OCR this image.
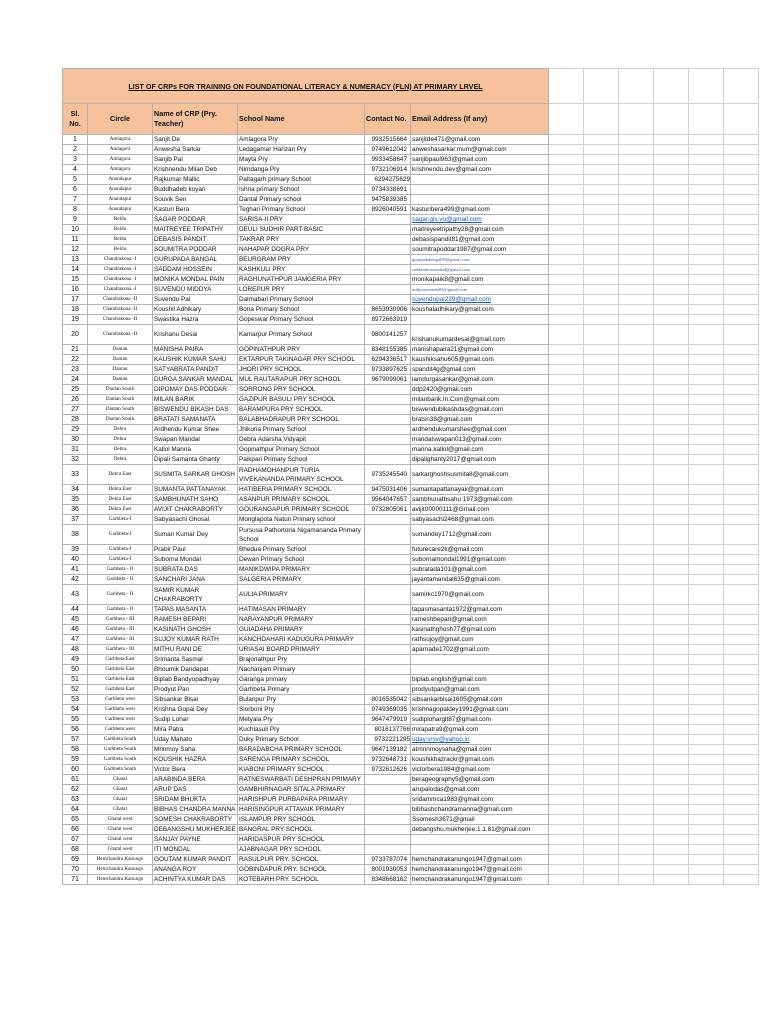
LIST OF CRPs FOR TRAINING ON FOUNDATIONAL LITERACY & NUMERACY (FLN) AT PRIMARY LRVEL											
Sl. No.	Circle	Name of CRP (Pry. Teacher)	School Name	Contact No.	Email Address (If any)						
1	Amlagora	Sanjit De	Amlagora Pry	9932515664	sanjitde471@gmail.com						
2	Amlagora	Anwesha Sarkar	Ledagamar Harizan Pry	9749612042	anweshasarkar.mum@gmail.com						
3	Amlagora	Sanjib Pal	Mayta Pry	9933458647	sanjibpaul963@gmail.com						
4	Amlagora	Krishnendu Milan Deb	Nimdanga Pry	9732106914	krishnendu.dev@gmail.com						
5	Anandapur	Rajkumar Mallic	Paltagarh primary School	6294275629							
6	Anandapur	Buddhadeb koyari	Ishna primary School	9734338691							
7	Anandapur	Souvik Sen	Dantal Primary school	9475839385							
8	Anandapur	Kasturi Bera	Teghari Primary School	8926040591	kasturibera499@gmail.com						
9	Beldu	SAGAR PODDAR	SARISA-II PRY		sagar.gis.vu@gmail.com						
10	Beldu	MAITREYEE TRIPATHY	DEULI SUDHIR PART BASIC		maitreyeetripathy28@gmail.com						
11	Beldu	DEBASIS PANDIT	TAKRAR PRY		debasispandit81@gmail.com						
12	Beldu	SOUMITRA PODDAR	NAHAPAR DOGRA PRY		soumitrapoddar1987@gmail.com						
13	Chandrakona -I	GURUPADA BANGAL	BEURGRAM PRY		gurupadabengal99@gmail.com						
14	Chandrakona -I	SADDAM HOSSEIN	KASHKULI PRY		saddamhossaindsd@gmail.com						
15	Chandrakona -I	MONIKA MONDAL PAIN	RAGHUNATHPUR JAMGERIA PRY		monikapaik8@gmail.com						
16	Chandrakona -I	SUVENDU MIDDYA	LOREPUR PRY		midyasuvendu85@gmail.com						
17	Chandrakona -II	Suvendu Pal	Dalmabari Primary School		suvendupal239@gmail.com						
18	Chandrakona -II	Koushil Adhikary	Bona Primary School	8653930906	koushaladhikary@gmail.com						
19	Chandrakona -II	Swastika Hazra	Gopeswar Primary School	8972663919							
20	Chandrakona -II	Krishanu Desai	Kamarpur Primary School	9800141257	krishanukumardesai@gmail.com						
21	Dantan	MANISHA PAIRA	GOPINATHPUR PRY	8348155385	manishapaira21@gmail.com						
22	Dantan	KAUSHIK KUMAR SAHU	EKTARPUR TAKINAGAR PRY SCHOOL	6294336517	kaushiksahu605@gmail.com						
23	Dantan	SATYABRATA PANDIT	JHORI PRY SCHOOL	9733897625	spandit4g@gmail.com						
24	Dantan	DURGA SANKAR MANDAL	MUL RAUTARAPUR PRY SCHOOL	9679099061	iamdurgasankar@gmail.com						
25	Dantan South	DIPOMAY DAS PODDAR	SORRONG PRY SCHOOL		ddp2420@gmail.com						
26	Dantan South	MILAN BARIK	GAZIPUR BASULI PRY SCHOOL		milanbarik.In.Com@gmail.com						
27	Dantan South	BISWENDU BIKASH DAS	BARAMPURA PRY SCHOOL		biswendubikashdas@gmail.com						
28	Dantan South	BRATATI SAMANATA	BALABHADRAPUR PRY SCHOOL		bratsn38@gmail.com						
29	Debra	Ardhendu Kumar Shee	Jhikuria Primary School		ardhendukumarshee@gmail.com						
30	Debra	Swapan Mandal	Debra Adarsha Vidyapit		mandalswapan013@gmail.com						
31	Debra	Kallol Manna	Gopinathpur Primary School		manna.kallol@gmail.com						
32	Debra	Dipali Samanta Ghanty	Paikpari Primary School		dipalighanty2017@gmail.com						
33	Debra East	SUSMITA SARKAR GHOSH	RADHAMOHANPUR TURIA VIVEKANANDA PRIMARY SCHOOL	9735245540	sarkarghoshsusmita8@gmail.com						
34	Debra East	SUMANTA PATTANAYAK	HATIBERIA PRIMARY SCHOOL	9475031406	sumantapattanayak@gmail.com						
35	Debra East	SAMBHUNATH SAHO	ASANPUR PRIMARY SCHOOL	9564047657	sambhunathsahu 1973@gmail.com						
36	Debra East	AVIJIT CHAKRABORTY	GOURANGAPUR PRIMARY SCHOOL	9732805061	avijit00000111@Gmail.com						
37	Garhbeta-I	Sabyasachi Ghosal	Monglapota Natun Primary school		sabyasachi2468@gmail.com						
38	Garhbeta-I	Suman Kumar Dey	Pursusa Pathortoria Nigamananda Primary School		sumandey1712@gmail.com						
39	Garhbeta-I	Prabir Paul	Bhedua Primary School		futurecare2k@gmail.com						
40	Garhbeta-I	Suborna Mondal	Dewan Primary School		subornamondal1991@gmail.com						
41	Garhbeta - II	SUBRATA DAS	MANIKDWIPA PRIMARY		subratada101@gmail.com						
42	Garhbeta - II	SANCHARI JANA	SALGERIA PRIMARY		jayantamandal635@gmail.com						
43	Garhbeta - II	SAMIR KUMAR CHAKRABORTY	AULIA PRIMARY		samirkc1970@gmail.com						
44	Garhbeta - II	TAPAS MASANTA	HATIMASAN PRIMARY		tapasmasanta1972@gmail.com						
45	Garhbeta - III	RAMESH BEPARI	NARAYANPUR PRIMARY		rameshbepari@gmail.com						
46	Garhbeta - III	KASINATH GHOSH	GUIADAHA PRIMARY		kasinathghosh77@gmail.com						
47	Garhbeta - III	SUJOY KUMAR RATH	KANCHDAHARI KADUGURA PRIMARY		rathsujoy@gmail.com						
48	Garhbeta - III	MITHU RANI DE	URIASAI BOARD PRIMARY		aparnade1702@gmail.com						
49	Garhbeta East	Srimanta Sasmal	Brajonathpur Pry								
50	Garhbeta East	Bhoumik Dandapat	Nachanjam Primary								
51	Garhbeta East	Biplab Bandyopadhyay	Garanga primary		biplab.english@gmail.com						
52	Garhbeta East	Prodyut Pan	Garhbeta Primary		prodyutpan@gmail.com						
53	Garhbeta west	Sibsankar Bisai	Bulanpur Pry	8016535042	sibsankarbisai1605@gmail.com						
54	Garhbeta west	Krishna Gopal Dey	Siorboni Pry	9749369035	krishnagopaldey1991@gmail.com						
55	Garhbeta west	Sudip Lohar	Metyala Pry	9647479919	sudiploharglt87@gmail.com						
56	Garhbeta west	Mira Patra	Kuchlasuli Pry	8016137766	mirapatra9@gmail.com						
57	Garhbeta South	Uday Mahato	Duky Primary School	9732221295	uday.srsv@yahoo.in						
58	Garhbeta South	Mrinmoy Saha	BARADABCHA PRIMARY SCHOOL	9647139182	atmrinmoysaha@gmail.com						
59	Garhbeta South	KOUSHIK HAZRA	SARENGA PRIMARY SCHOOL	9732648731	koushikhazrackr@gmail.com						
60	Garhbeta South	Victor Bera	KIABONI PRIMARY SCHOOL	9732612626	victorbera1984@gmail.com						
61	Ghatal	ARABINDA BERA	RATNESWARBATI DESHPRAN PRIMARY		berageography5@gmail.com						
62	Ghatal	ARUP DAS	GAMBHIRNAGAR SITALA PRIMARY		arupalodas@gmail.com						
63	Ghatal	SRIDAM BHUKTA	HARISHPUR PURBAPARA PRIMARY		sridammca1983@gmail.com						
64	Ghatal	BIBHAS CHANDRA MANNA	HARISINGPUR ATTAVAIK PRIMARY		bibhashchandramanna@gmail.com						
65	Ghatal west	SOMESH CHAKRABORTY	ISLAMPUR PRY SCHOOL		Ssomesh3671@gmail						
66	Ghatal west	DEBANGSHU MUKHERJEE	BANGRAL PRY SCHOOL		debangshu.mukherjee.1.1.81@gmail.com						
67	Ghatal west	SANJAY PAYNE	HARIDASPUR PRY SCHOOL								
68	Ghatal west	ITI MONDAL	AJABNAGAR PRY SCHOOL								
69	Hemchandra Kanungo	GOUTAM KUMAR PANDIT	RASULPUR PRY. SCHOOL	9733787074	hemchandrakanungo1947@gmail.com						
70	Hemchandra Kanungo	ANANGA ROY	GOBINDAPUR PRY. SCHOOL	8001930053	hemchandrakanungo1947@gmail.com						
71	Hemchandra Kanungo	ACHINTYA KUMAR DAS	KOTEBARH PRY. SCHOOL	8348668162	hemchandrakanungo1947@gmail.com						
